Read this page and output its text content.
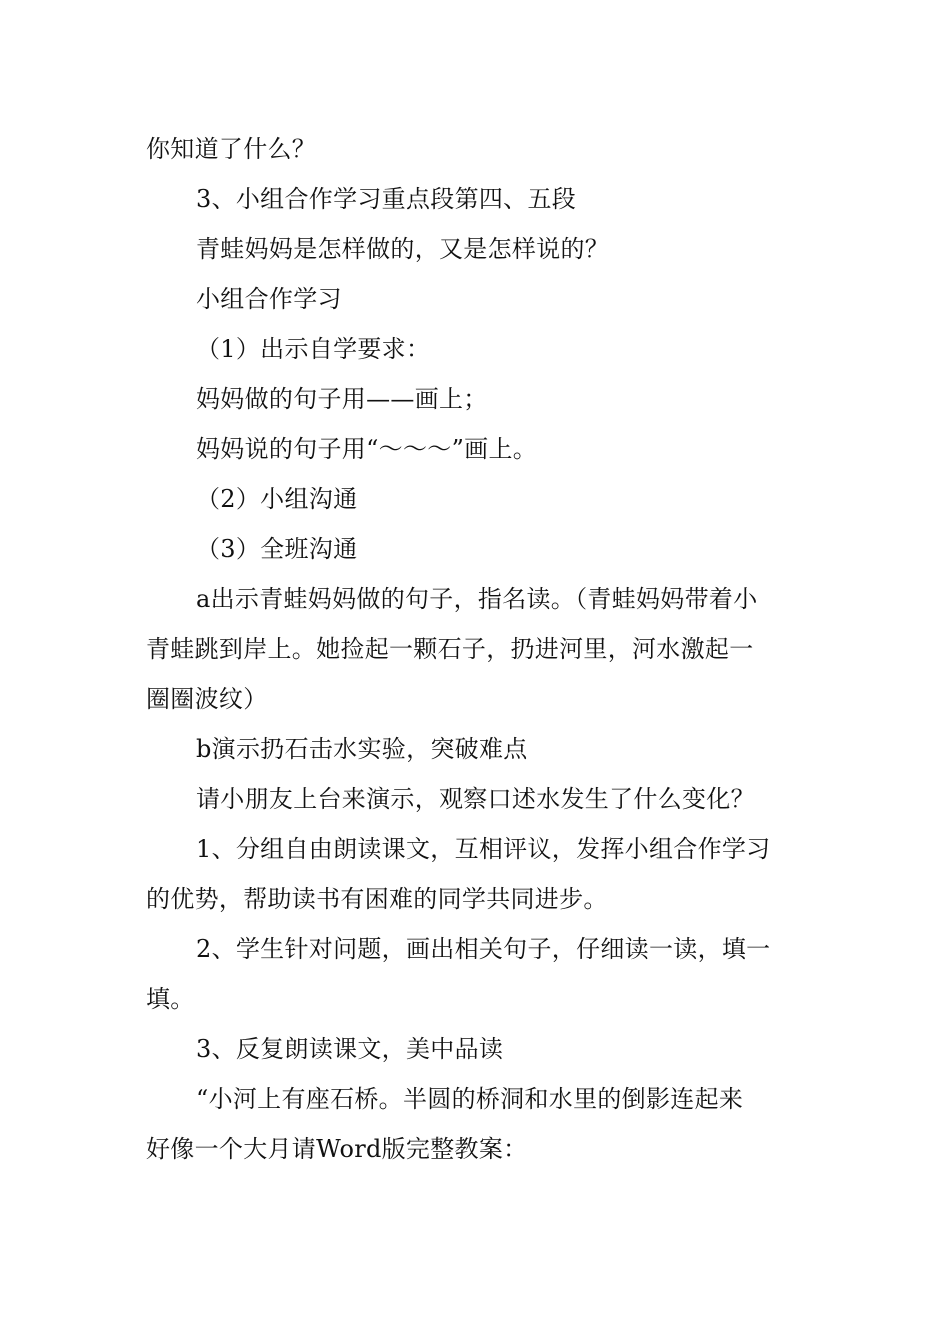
你知道了什么？
3、小组合作学习重点段第四、五段
青蛙妈妈是怎样做的，又是怎样说的？
小组合作学习
（1）出示自学要求：
妈妈做的句子用——画上；
妈妈说的句子用“～～～”画上。
（2）小组沟通
（3）全班沟通
a出示青蛙妈妈做的句子，指名读。（青蛙妈妈带着小
青蛙跳到岸上。她捡起一颗石子，扔进河里，河水激起一
圈圈波纹）
b演示扔石击水实验，突破难点
请小朋友上台来演示，观察口述水发生了什么变化？
1、分组自由朗读课文，互相评议，发挥小组合作学习
的优势，帮助读书有困难的同学共同进步。
2、学生针对问题，画出相关句子，仔细读一读，填一
填。
3、反复朗读课文，美中品读
“小河上有座石桥。半圆的桥洞和水里的倒影连起来
好像一个大月请Word版完整教案：
